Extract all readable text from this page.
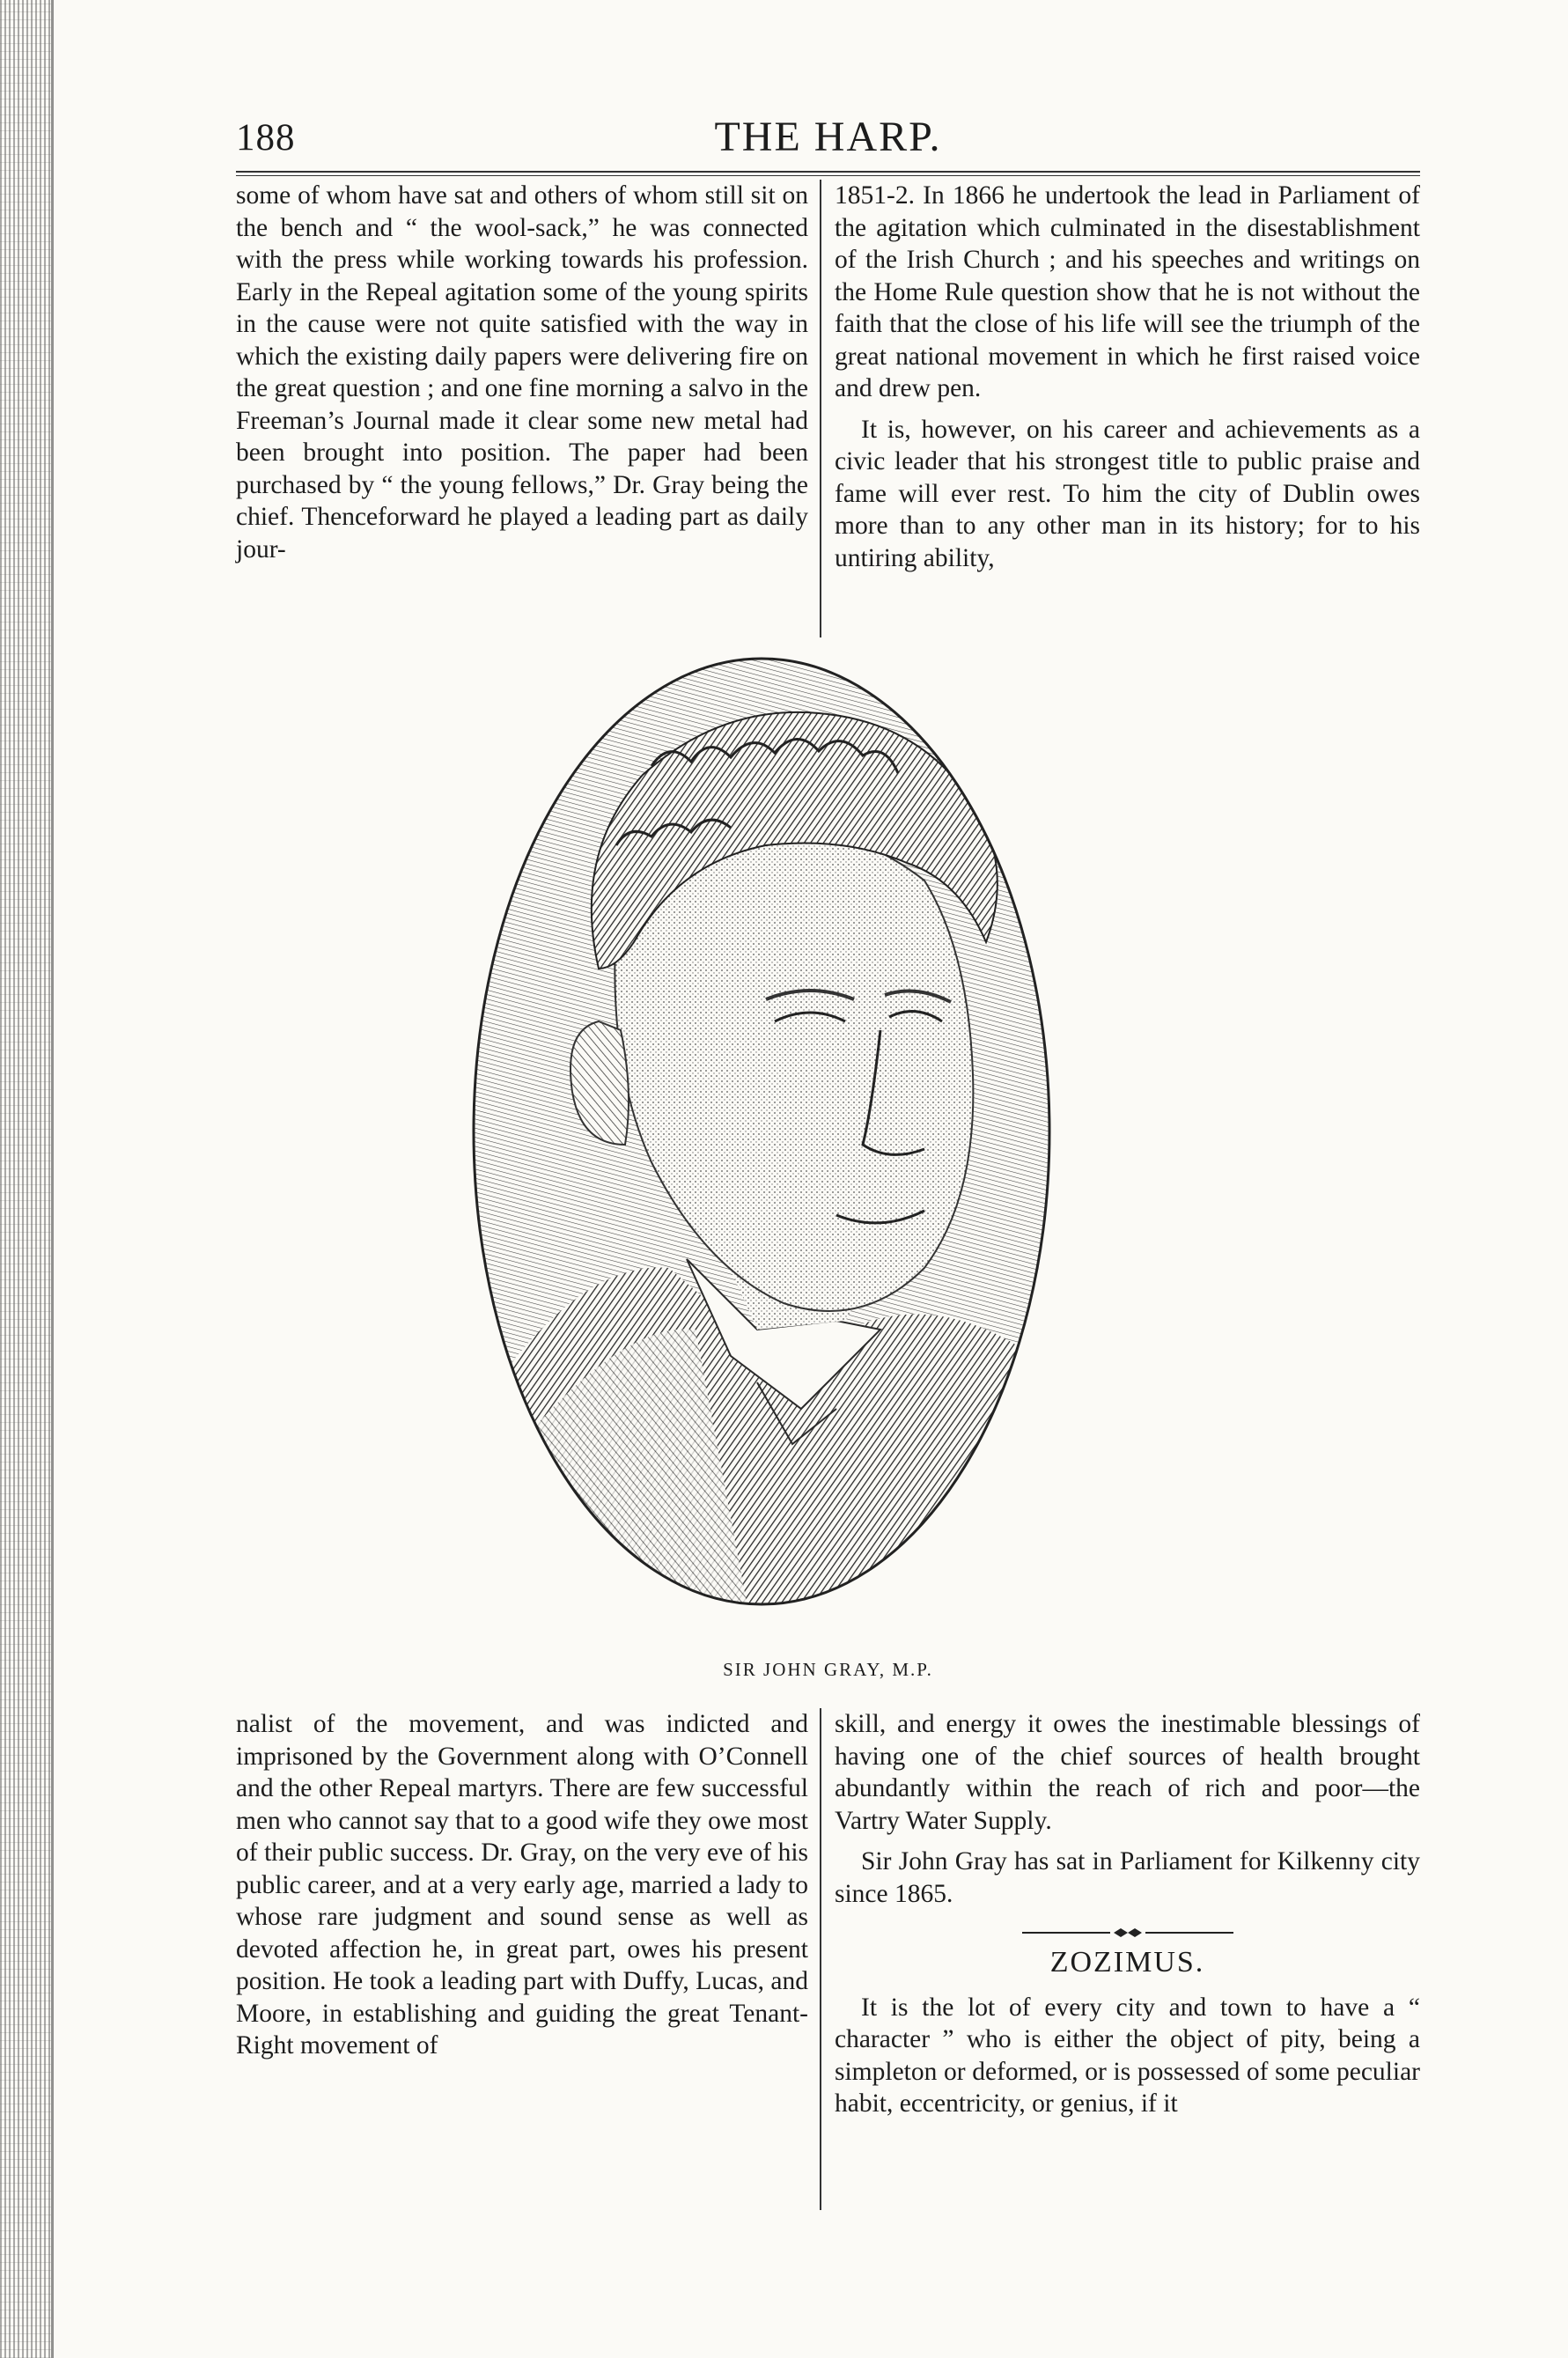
188	THE HARP.

some of whom have sat and others of whom still sit on the bench and “ the wool-sack,” he was connected with the press while working towards his profession. Early in the Repeal agitation some of the young spirits in the cause were not quite satisfied with the way in which the existing daily papers were delivering fire on the great question ; and one fine morning a salvo in the Freeman’s Journal made it clear some new metal had been brought into position. The paper had been purchased by “ the young fellows,” Dr. Gray being the chief. Thenceforward he played a leading part as daily jour-

1851-2. In 1866 he undertook the lead in Parliament of the agitation which culminated in the disestablishment of the Irish Church ; and his speeches and writings on the Home Rule question show that he is not without the faith that the close of his life will see the triumph of the great national movement in which he first raised voice and drew pen.

It is, however, on his career and achievements as a civic leader that his strongest title to public praise and fame will ever rest. To him the city of Dublin owes more than to any other man in its history; for to his untiring ability,

SIR JOHN GRAY, M.P.

nalist of the movement, and was indicted and imprisoned by the Government along with O’Connell and the other Repeal martyrs. There are few successful men who cannot say that to a good wife they owe most of their public success. Dr. Gray, on the very eve of his public career, and at a very early age, married a lady to whose rare judgment and sound sense as well as devoted affection he, in great part, owes his present position. He took a leading part with Duffy, Lucas, and Moore, in establishing and guiding the great Tenant-Right movement of

skill, and energy it owes the inestimable blessings of having one of the chief sources of health brought abundantly within the reach of rich and poor—the Vartry Water Supply.

Sir John Gray has sat in Parliament for Kilkenny city since 1865.

ZOZIMUS.

It is the lot of every city and town to have a “ character ” who is either the object of pity, being a simpleton or deformed, or is possessed of some peculiar habit, eccentricity, or genius, if it
